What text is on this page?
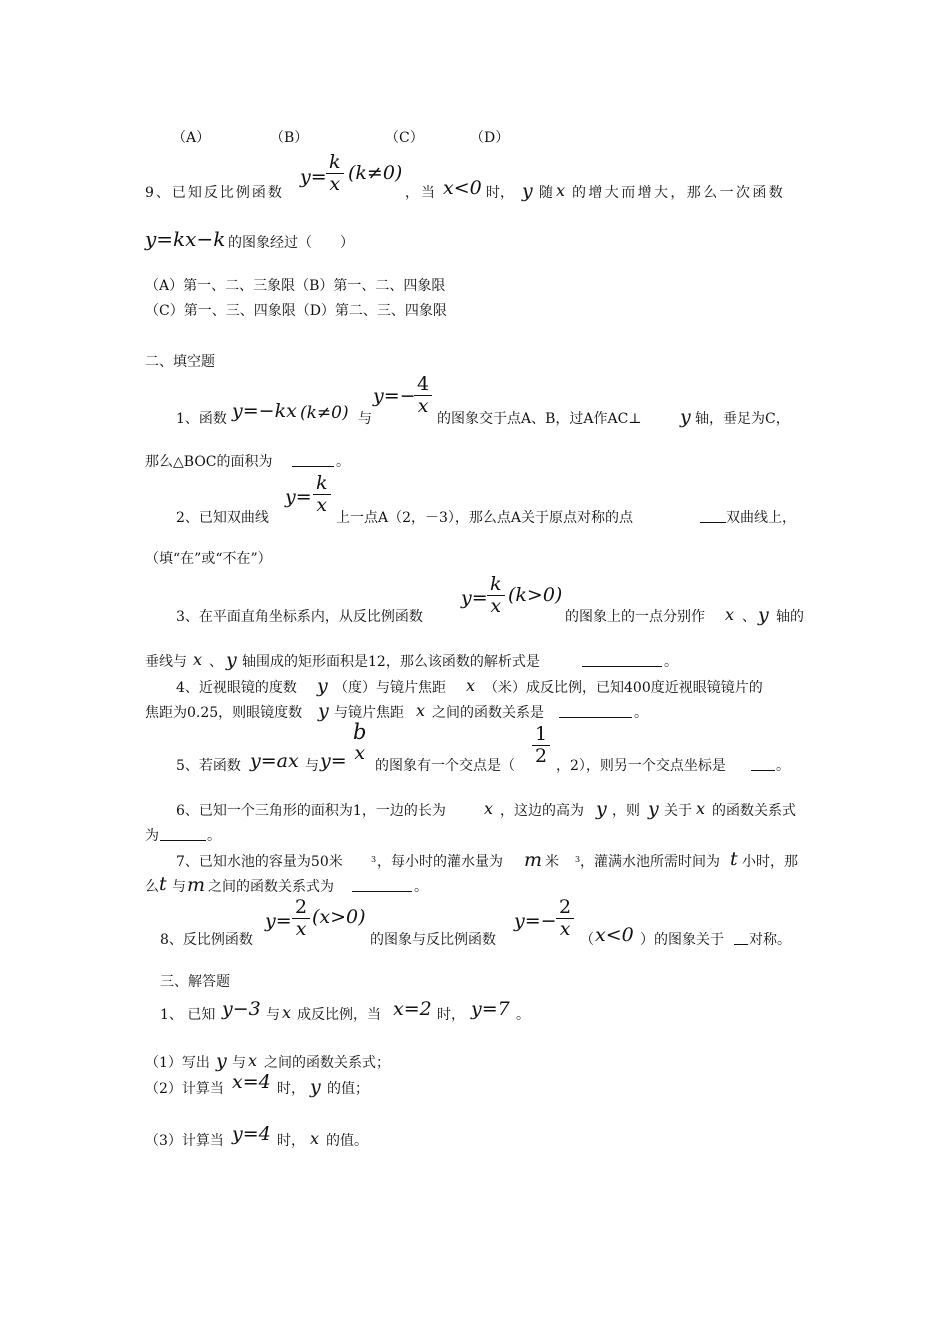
（A）	（B）	（C）	（D）
9、已知反比例函数
y=
k
x (k≠0)
，当 x<0 时， y 随 x 的增大而增大，那么一次函数
y=kx−k 的图象经过（　　）
（A）第一、二、三象限（B）第一、二、四象限
（C）第一、三、四象限（D）第二、三、四象限
二、填空题
1、函数 y=−kx (k≠0) 与
y=−
4
x
的图象交于点A、B，过A作AC⊥ y 轴，垂足为C，
那么△BOC的面积为	。
2、已知双曲线
y=
k
x
上一点A（2，－3），那么点A关于原点对称的点	双曲线上，
（填“在”或“不在”）
3、在平面直角坐标系内，从反比例函数
y=
k
x (k>0)
的图象上的一点分别作 x 、 y 轴的
垂线与 x 、 y 轴围成的矩形面积是12，那么该函数的解析式是	。
4、近视眼镜的度数 y （度）与镜片焦距 x （米）成反比例，已知400度近视眼镜镜片的
焦距为0.25，则眼镜度数 y 与镜片焦距 x 之间的函数关系是	。
5、若函数 y=ax 与 y=
b
x
的图象有一个交点是（
1
2 ，2），则另一个交点坐标是	。
6、已知一个三角形的面积为1，一边的长为 x ，这边的高为 y ，则 y 关于 x 的函数关系式
为	。
7、已知水池的容量为50米	3 ，每小时的灌水量为 m 米 3 ，灌满水池所需时间为 t 小时，那
么 t 与 m 之间的函数关系式为	。
8、反比例函数
y=
2
x
(x>0)
的图象与反比例函数
y=−
2
x （ x<0 ）的图象关于 对称。
三、解答题
1、 已知 y−3 与 x 成反比例，当 x=2 时， y=7 。
（1）写出 y 与 x 之间的函数关系式；
（2）计算当 x=4 时， y 的值；
（3）计算当 y=4 时， x 的值。
